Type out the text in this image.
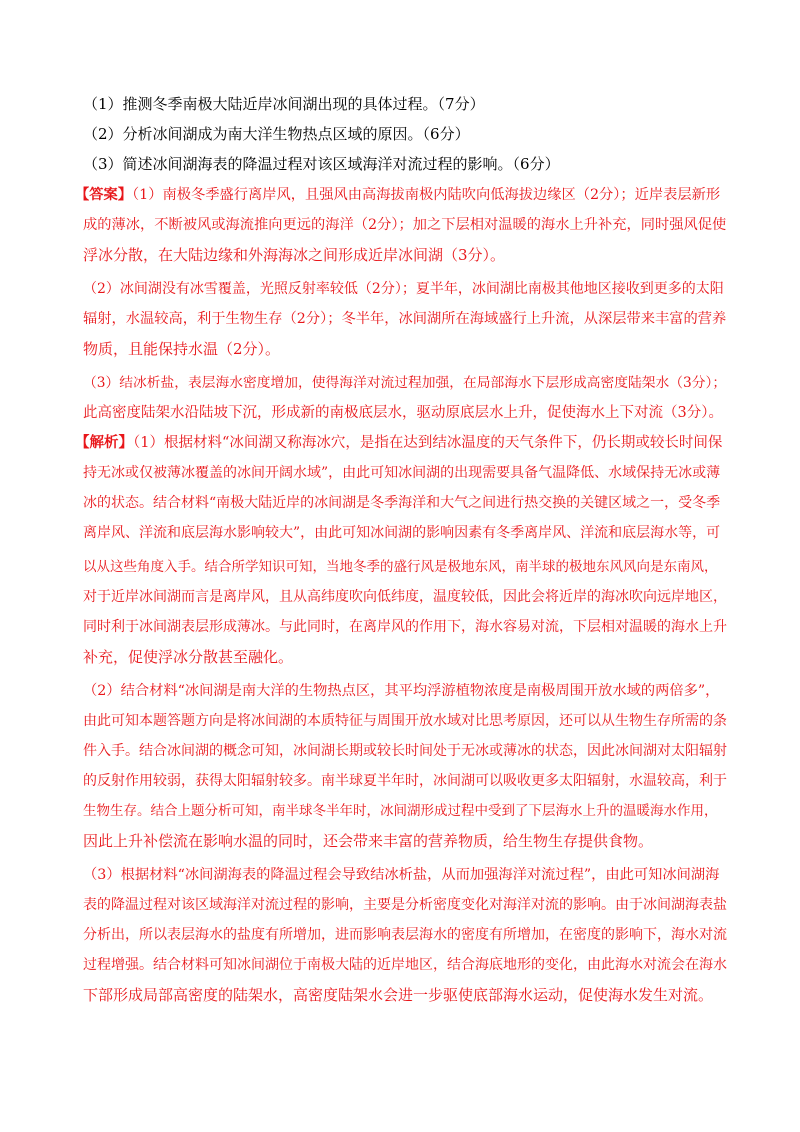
（1）推测冬季南极大陆近岸冰间湖出现的具体过程。（7分）
（2）分析冰间湖成为南大洋生物热点区域的原因。（6分）
（3）简述冰间湖海表的降温过程对该区域海洋对流过程的影响。（6分）
【答案】（1）南极冬季盛行离岸风，且强风由高海拔南极内陆吹向低海拔边缘区（2分）；近岸表层新形
成的薄冰，不断被风或海流推向更远的海洋（2分）；加之下层相对温暖的海水上升补充，同时强风促使
浮冰分散，在大陆边缘和外海海冰之间形成近岸冰间湖（3分）。
（2）冰间湖没有冰雪覆盖，光照反射率较低（2分）；夏半年，冰间湖比南极其他地区接收到更多的太阳
辐射，水温较高，利于生物生存（2分）；冬半年，冰间湖所在海域盛行上升流，从深层带来丰富的营养
物质，且能保持水温（2分）。
（3）结冰析盐，表层海水密度增加，使得海洋对流过程加强，在局部海水下层形成高密度陆架水（3分）；
此高密度陆架水沿陆坡下沉，形成新的南极底层水，驱动原底层水上升，促使海水上下对流（3分）。
【解析】（1）根据材料“冰间湖又称海冰穴，是指在达到结冰温度的天气条件下，仍长期或较长时间保
持无冰或仅被薄冰覆盖的冰间开阔水域”，由此可知冰间湖的出现需要具备气温降低、水域保持无冰或薄
冰的状态。结合材料“南极大陆近岸的冰间湖是冬季海洋和大气之间进行热交换的关键区域之一，受冬季
离岸风、洋流和底层海水影响较大”，由此可知冰间湖的影响因素有冬季离岸风、洋流和底层海水等，可
以从这些角度入手。结合所学知识可知，当地冬季的盛行风是极地东风，南半球的极地东风风向是东南风，
对于近岸冰间湖而言是离岸风，且从高纬度吹向低纬度，温度较低，因此会将近岸的海冰吹向远岸地区，
同时利于冰间湖表层形成薄冰。与此同时，在离岸风的作用下，海水容易对流，下层相对温暖的海水上升
补充，促使浮冰分散甚至融化。
（2）结合材料“冰间湖是南大洋的生物热点区，其平均浮游植物浓度是南极周围开放水域的两倍多”，
由此可知本题答题方向是将冰间湖的本质特征与周围开放水域对比思考原因，还可以从生物生存所需的条
件入手。结合冰间湖的概念可知，冰间湖长期或较长时间处于无冰或薄冰的状态，因此冰间湖对太阳辐射
的反射作用较弱，获得太阳辐射较多。南半球夏半年时，冰间湖可以吸收更多太阳辐射，水温较高，利于
生物生存。结合上题分析可知，南半球冬半年时，冰间湖形成过程中受到了下层海水上升的温暖海水作用，
因此上升补偿流在影响水温的同时，还会带来丰富的营养物质，给生物生存提供食物。
（3）根据材料“冰间湖海表的降温过程会导致结冰析盐，从而加强海洋对流过程”，由此可知冰间湖海
表的降温过程对该区域海洋对流过程的影响，主要是分析密度变化对海洋对流的影响。由于冰间湖海表盐
分析出，所以表层海水的盐度有所增加，进而影响表层海水的密度有所增加，在密度的影响下，海水对流
过程增强。结合材料可知冰间湖位于南极大陆的近岸地区，结合海底地形的变化，由此海水对流会在海水
下部形成局部高密度的陆架水，高密度陆架水会进一步驱使底部海水运动，促使海水发生对流。
